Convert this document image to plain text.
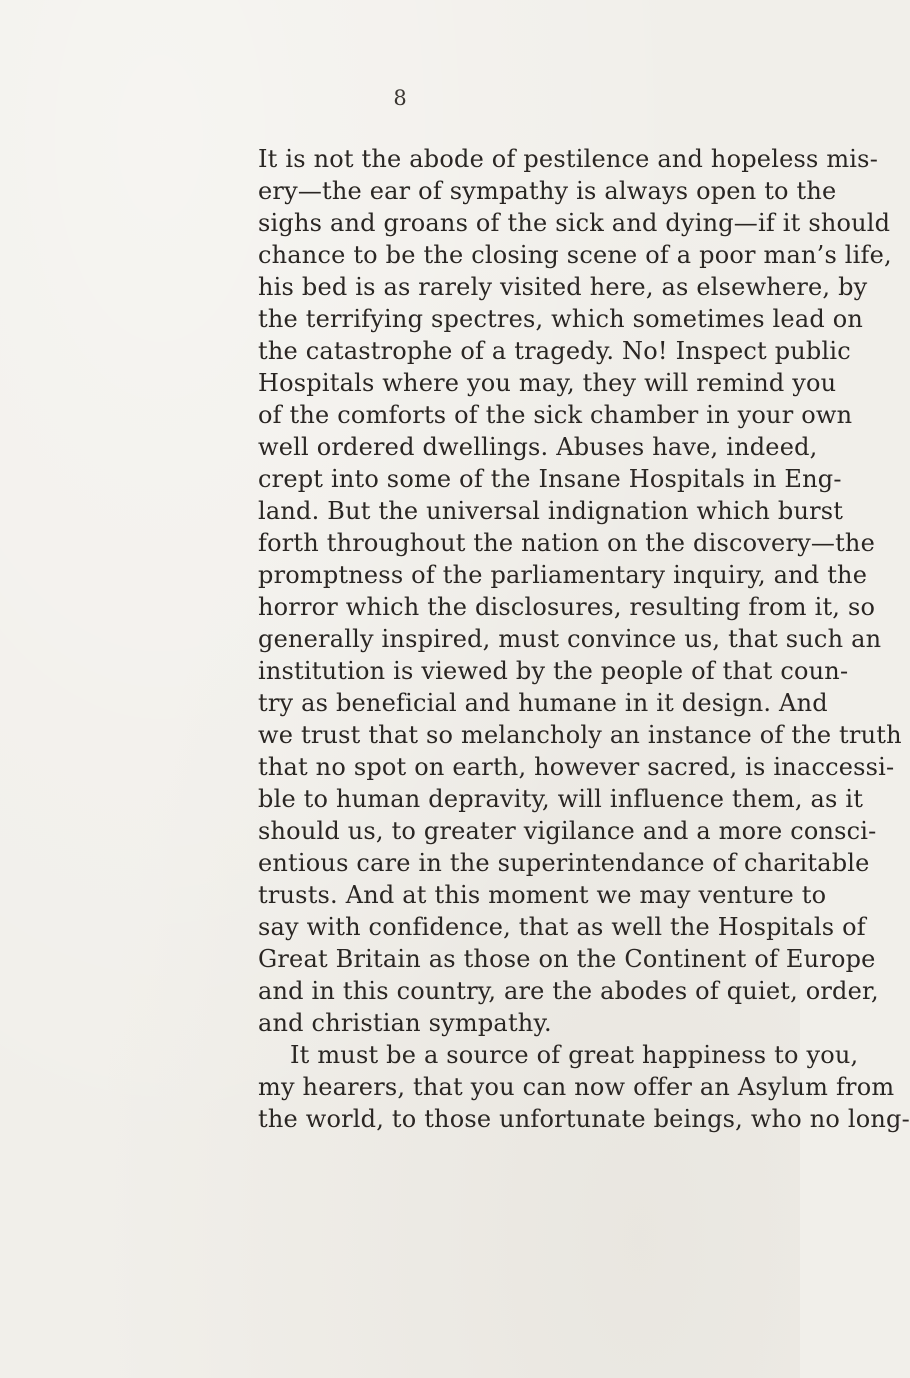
8
It is not the abode of pestilence and hopeless mis-
ery—the ear of sympathy is always open to the
sighs and groans of the sick and dying—if it should
chance to be the closing scene of a poor man’s life,
his bed is as rarely visited here, as elsewhere, by
the terrifying spectres, which sometimes lead on
the catastrophe of a tragedy. No! Inspect public
Hospitals where you may, they will remind you
of the comforts of the sick chamber in your own
well ordered dwellings. Abuses have, indeed,
crept into some of the Insane Hospitals in Eng-
land. But the universal indignation which burst
forth throughout the nation on the discovery—the
promptness of the parliamentary inquiry, and the
horror which the disclosures, resulting from it, so
generally inspired, must convince us, that such an
institution is viewed by the people of that coun-
try as beneficial and humane in it design. And
we trust that so melancholy an instance of the truth
that no spot on earth, however sacred, is inaccessi-
ble to human depravity, will influence them, as it
should us, to greater vigilance and a more consci-
entious care in the superintendance of charitable
trusts. And at this moment we may venture to
say with confidence, that as well the Hospitals of
Great Britain as those on the Continent of Europe
and in this country, are the abodes of quiet, order,
and christian sympathy.
It must be a source of great happiness to you,
my hearers, that you can now offer an Asylum from
the world, to those unfortunate beings, who no long-
